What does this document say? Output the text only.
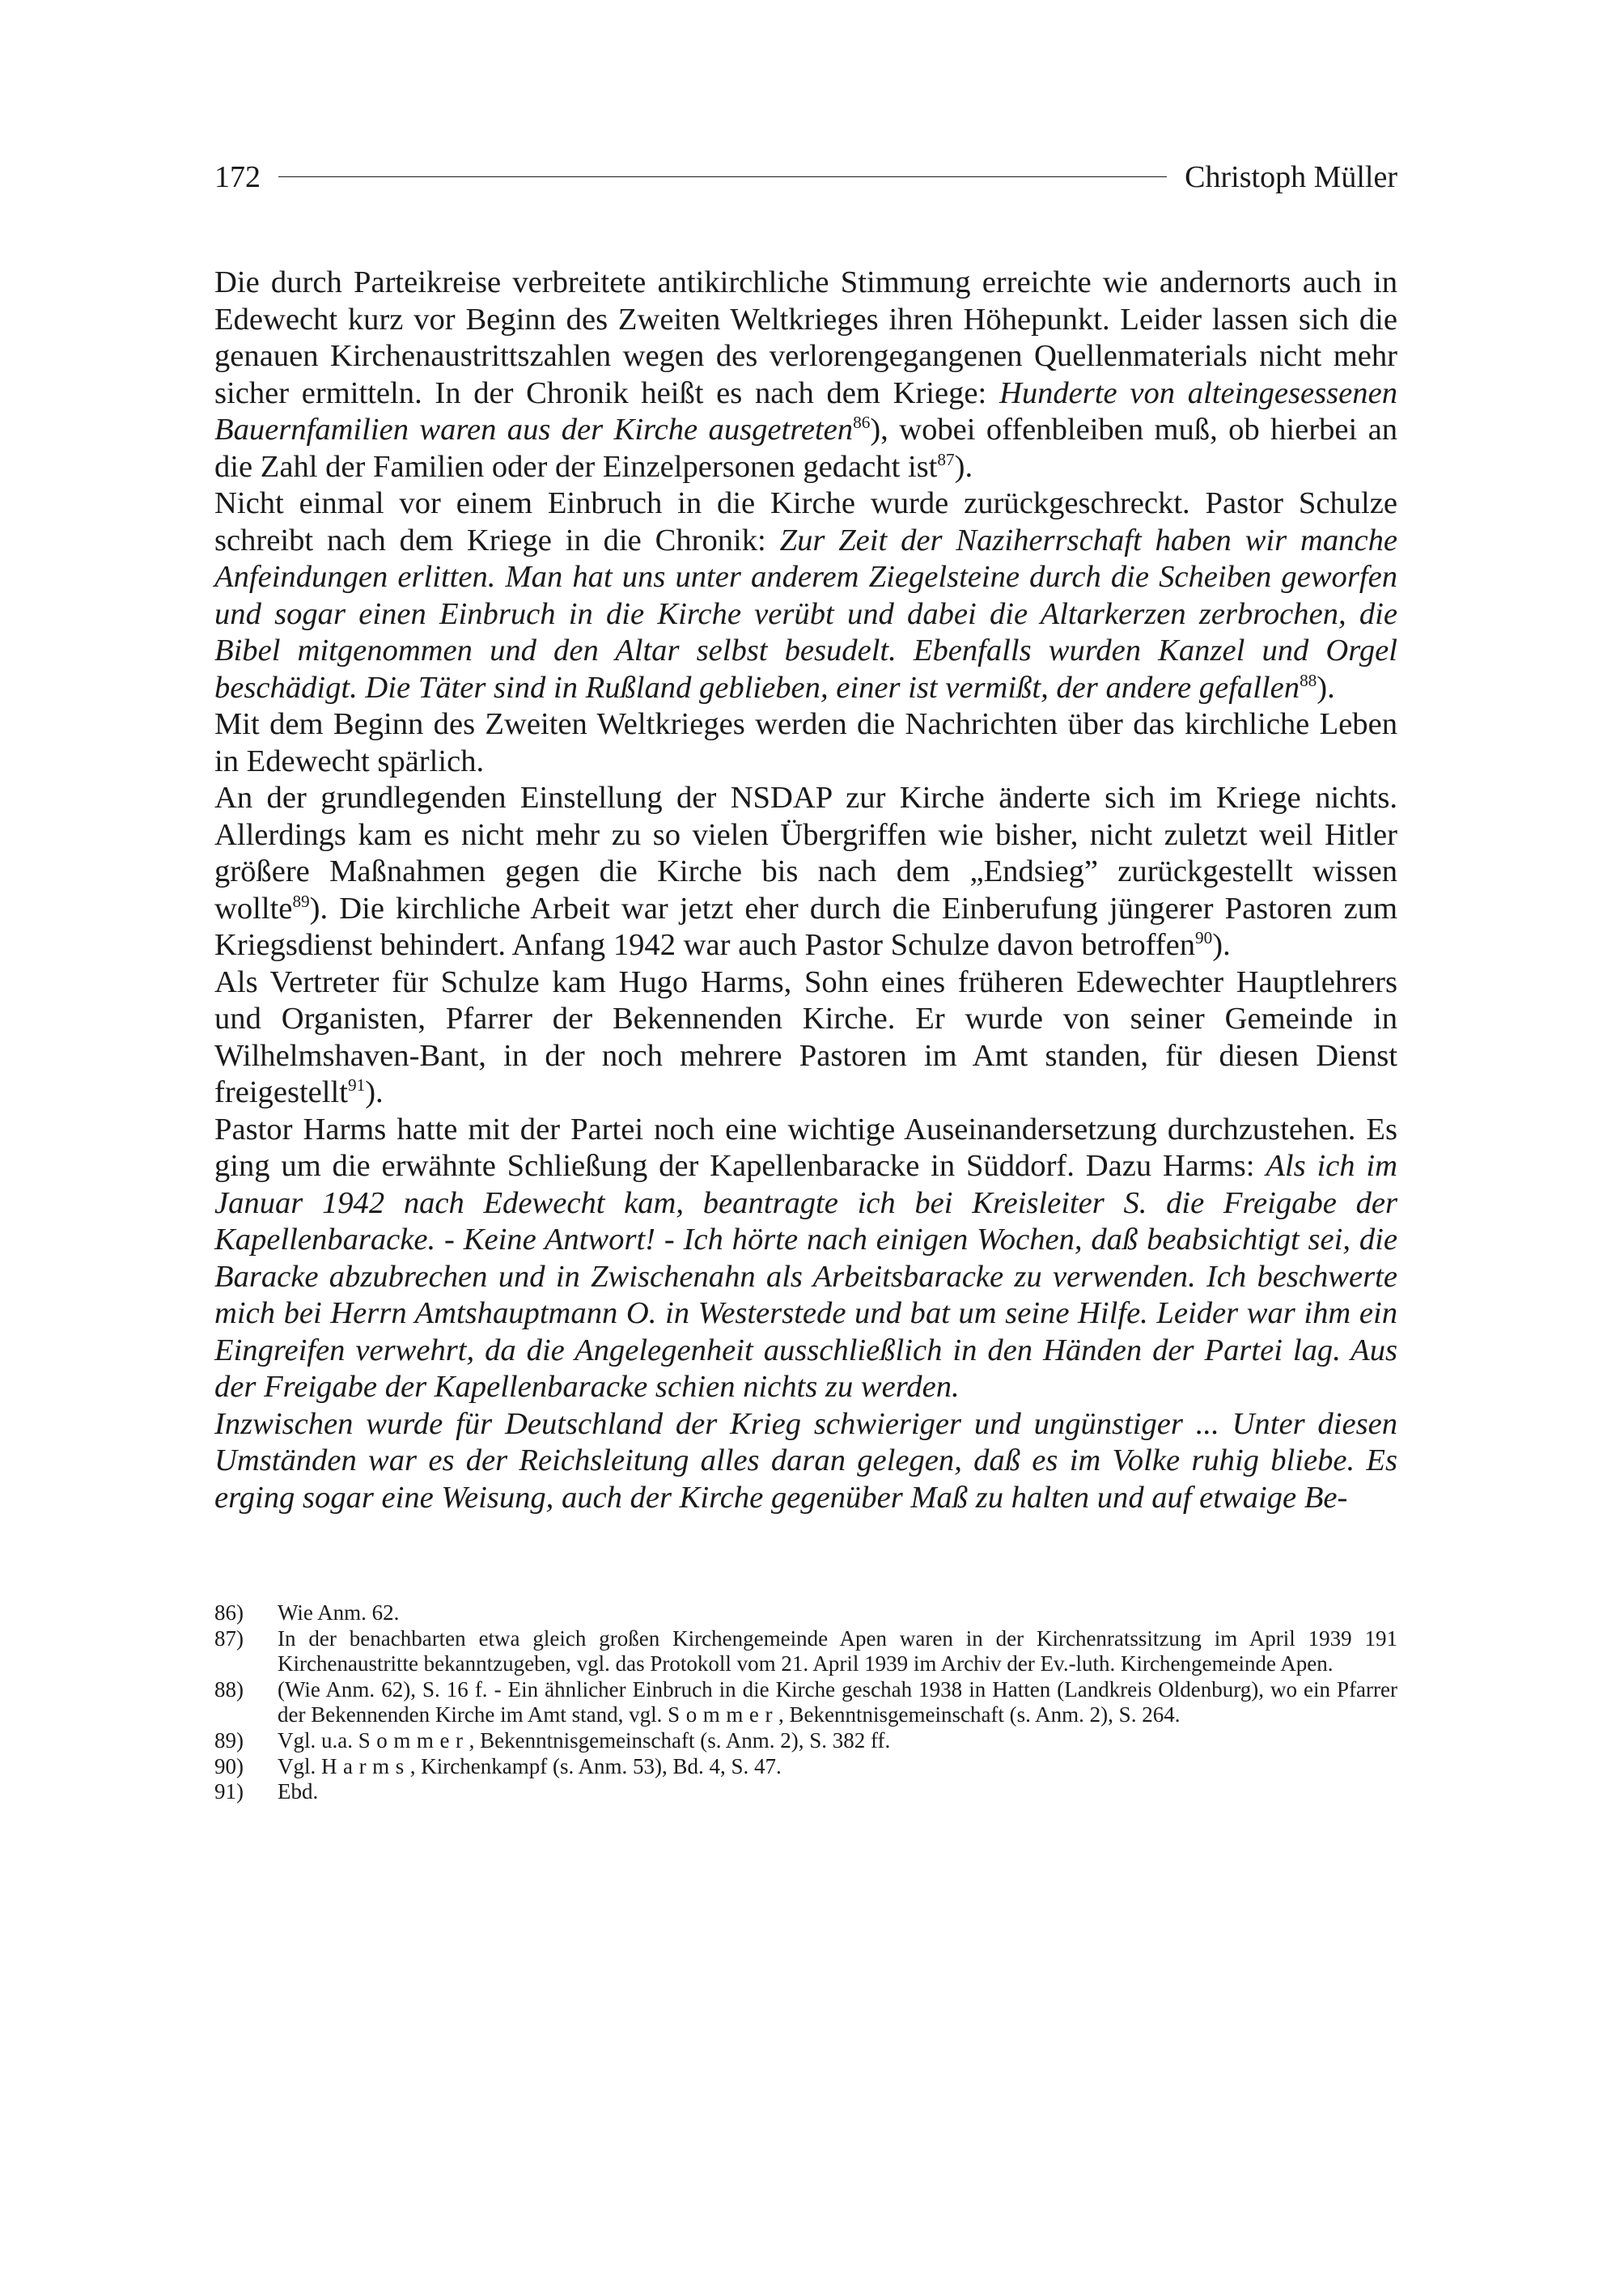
172	Christoph Müller

Die durch Parteikreise verbreitete antikirchliche Stimmung erreichte wie andernorts auch in Edewecht kurz vor Beginn des Zweiten Weltkrieges ihren Höhepunkt. Leider lassen sich die genauen Kirchenaustrittszahlen wegen des verlorengegangenen Quellenmaterials nicht mehr sicher ermitteln. In der Chronik heißt es nach dem Kriege: Hunderte von alteingesessenen Bauernfamilien waren aus der Kirche ausgetreten$^{86}$), wobei offenbleiben muß, ob hierbei an die Zahl der Familien oder der Einzelpersonen gedacht ist$^{87}$).

Nicht einmal vor einem Einbruch in die Kirche wurde zurückgeschreckt. Pastor Schulze schreibt nach dem Kriege in die Chronik: Zur Zeit der Naziherrschaft haben wir manche Anfeindungen erlitten. Man hat uns unter anderem Ziegelsteine durch die Scheiben geworfen und sogar einen Einbruch in die Kirche verübt und dabei die Altarkerzen zerbrochen, die Bibel mitgenommen und den Altar selbst besudelt. Ebenfalls wurden Kanzel und Orgel beschädigt. Die Täter sind in Rußland geblieben, einer ist vermißt, der andere gefallen$^{88}$).

Mit dem Beginn des Zweiten Weltkrieges werden die Nachrichten über das kirchliche Leben in Edewecht spärlich.

An der grundlegenden Einstellung der NSDAP zur Kirche änderte sich im Kriege nichts. Allerdings kam es nicht mehr zu so vielen Übergriffen wie bisher, nicht zuletzt weil Hitler größere Maßnahmen gegen die Kirche bis nach dem „Endsieg” zurückgestellt wissen wollte$^{89}$). Die kirchliche Arbeit war jetzt eher durch die Einberufung jüngerer Pastoren zum Kriegsdienst behindert. Anfang 1942 war auch Pastor Schulze davon betroffen$^{90}$).

Als Vertreter für Schulze kam Hugo Harms, Sohn eines früheren Edewechter Hauptlehrers und Organisten, Pfarrer der Bekennenden Kirche. Er wurde von seiner Gemeinde in Wilhelmshaven-Bant, in der noch mehrere Pastoren im Amt standen, für diesen Dienst freigestellt$^{91}$).

Pastor Harms hatte mit der Partei noch eine wichtige Auseinandersetzung durchzustehen. Es ging um die erwähnte Schließung der Kapellenbaracke in Süddorf. Dazu Harms: Als ich im Januar 1942 nach Edewecht kam, beantragte ich bei Kreisleiter S. die Freigabe der Kapellenbaracke. - Keine Antwort! - Ich hörte nach einigen Wochen, daß beabsichtigt sei, die Baracke abzubrechen und in Zwischenahn als Arbeitsbaracke zu verwenden. Ich beschwerte mich bei Herrn Amtshauptmann O. in Westerstede und bat um seine Hilfe. Leider war ihm ein Eingreifen verwehrt, da die Angelegenheit ausschließlich in den Händen der Partei lag. Aus der Freigabe der Kapellenbaracke schien nichts zu werden.

Inzwischen wurde für Deutschland der Krieg schwieriger und ungünstiger ... Unter diesen Umständen war es der Reichsleitung alles daran gelegen, daß es im Volke ruhig bliebe. Es erging sogar eine Weisung, auch der Kirche gegenüber Maß zu halten und auf etwaige Be-

86)	Wie Anm. 62.
87)	In der benachbarten etwa gleich großen Kirchengemeinde Apen waren in der Kirchenratssitzung im April 1939 191 Kirchenaustritte bekanntzugeben, vgl. das Protokoll vom 21. April 1939 im Archiv der Ev.-luth. Kirchengemeinde Apen.
88)	(Wie Anm. 62), S. 16 f. - Ein ähnlicher Einbruch in die Kirche geschah 1938 in Hatten (Landkreis Oldenburg), wo ein Pfarrer der Bekennenden Kirche im Amt stand, vgl. Sommer, Bekenntnisgemeinschaft (s. Anm. 2), S. 264.
89)	Vgl. u.a. Sommer, Bekenntnisgemeinschaft (s. Anm. 2), S. 382 ff.
90)	Vgl. Harms, Kirchenkampf (s. Anm. 53), Bd. 4, S. 47.
91)	Ebd.
